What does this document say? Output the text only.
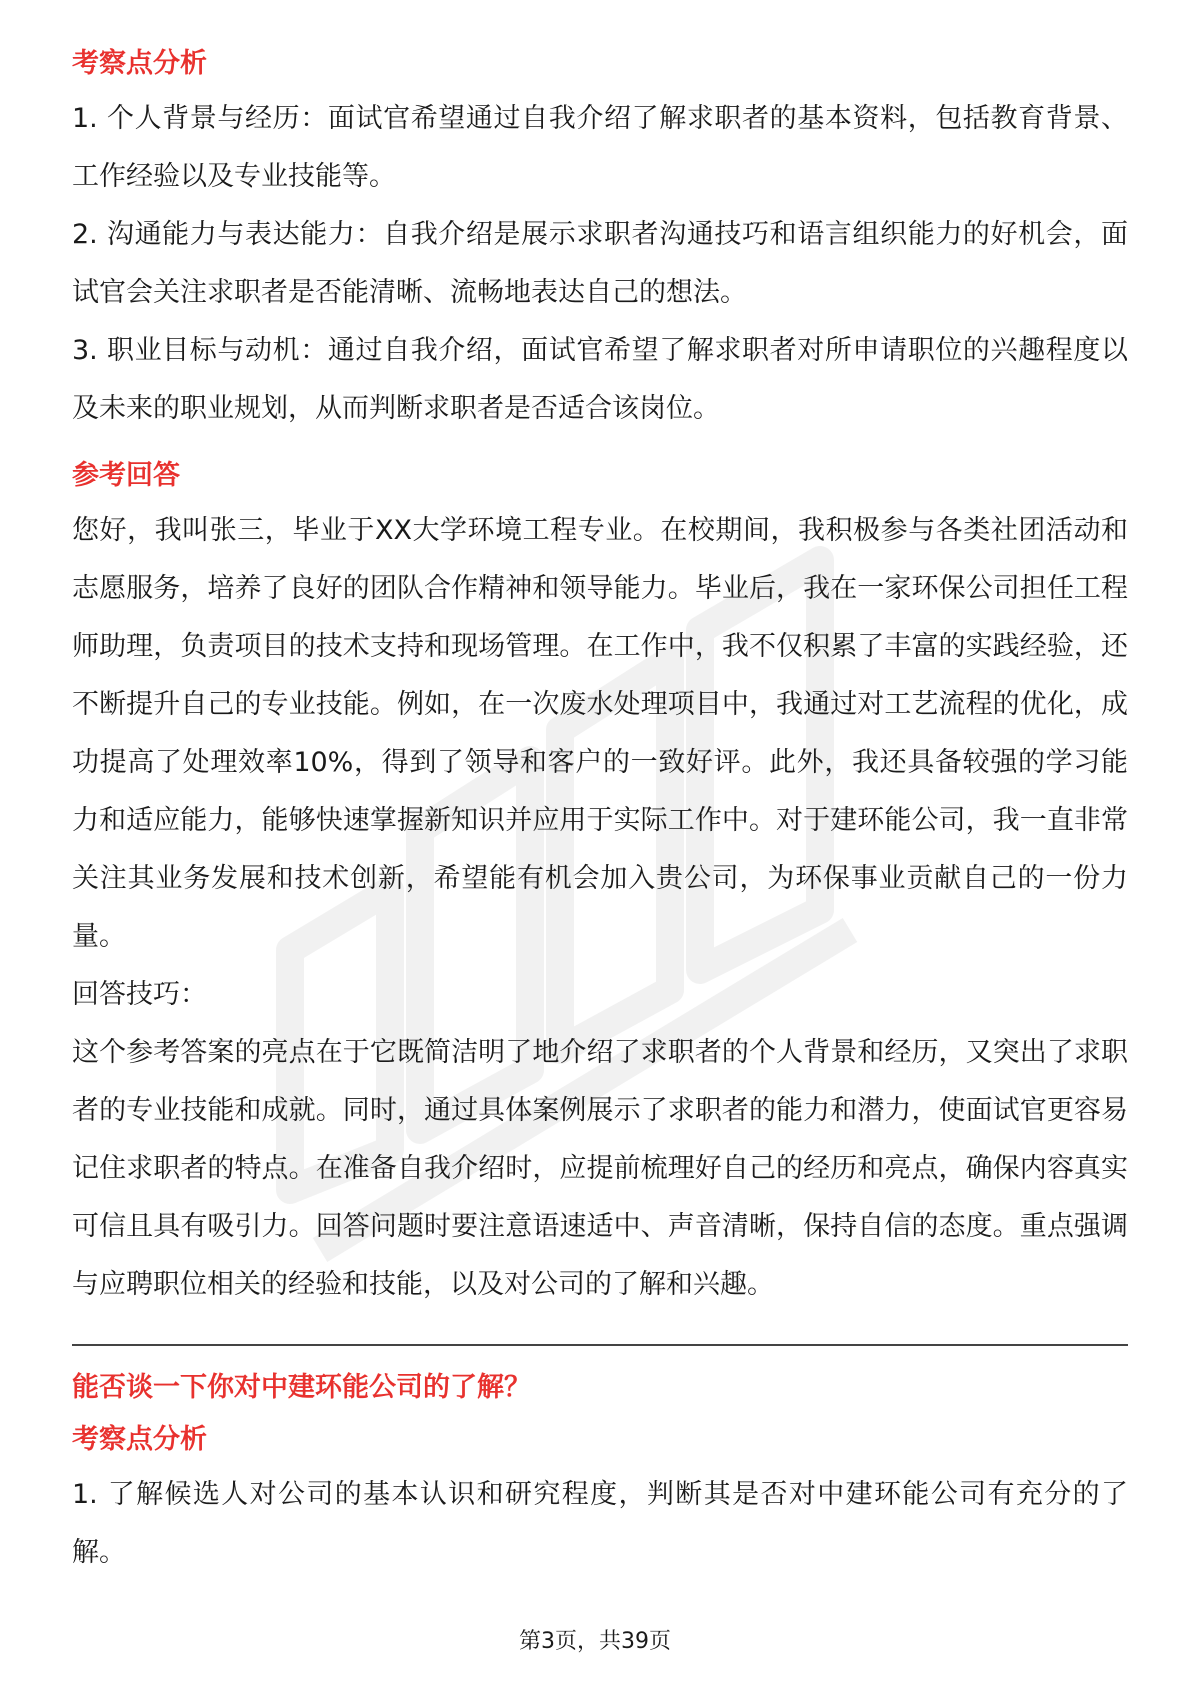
考察点分析

1. 个人背景与经历：面试官希望通过自我介绍了解求职者的基本资料，包括教育背景、工作经验以及专业技能等。

2. 沟通能力与表达能力：自我介绍是展示求职者沟通技巧和语言组织能力的好机会，面试官会关注求职者是否能清晰、流畅地表达自己的想法。

3. 职业目标与动机：通过自我介绍，面试官希望了解求职者对所申请职位的兴趣程度以及未来的职业规划，从而判断求职者是否适合该岗位。

参考回答

您好，我叫张三，毕业于XX大学环境工程专业。在校期间，我积极参与各类社团活动和志愿服务，培养了良好的团队合作精神和领导能力。毕业后，我在一家环保公司担任工程师助理，负责项目的技术支持和现场管理。在工作中，我不仅积累了丰富的实践经验，还不断提升自己的专业技能。例如，在一次废水处理项目中，我通过对工艺流程的优化，成功提高了处理效率10%，得到了领导和客户的一致好评。此外，我还具备较强的学习能力和适应能力，能够快速掌握新知识并应用于实际工作中。对于建环能公司，我一直非常关注其业务发展和技术创新，希望能有机会加入贵公司，为环保事业贡献自己的一份力量。

回答技巧：

这个参考答案的亮点在于它既简洁明了地介绍了求职者的个人背景和经历，又突出了求职者的专业技能和成就。同时，通过具体案例展示了求职者的能力和潜力，使面试官更容易记住求职者的特点。在准备自我介绍时，应提前梳理好自己的经历和亮点，确保内容真实可信且具有吸引力。回答问题时要注意语速适中、声音清晰，保持自信的态度。重点强调与应聘职位相关的经验和技能，以及对公司的了解和兴趣。

能否谈一下你对中建环能公司的了解？
考察点分析

1. 了解候选人对公司的基本认识和研究程度，判断其是否对中建环能公司有充分的了解。

第3页，共39页
